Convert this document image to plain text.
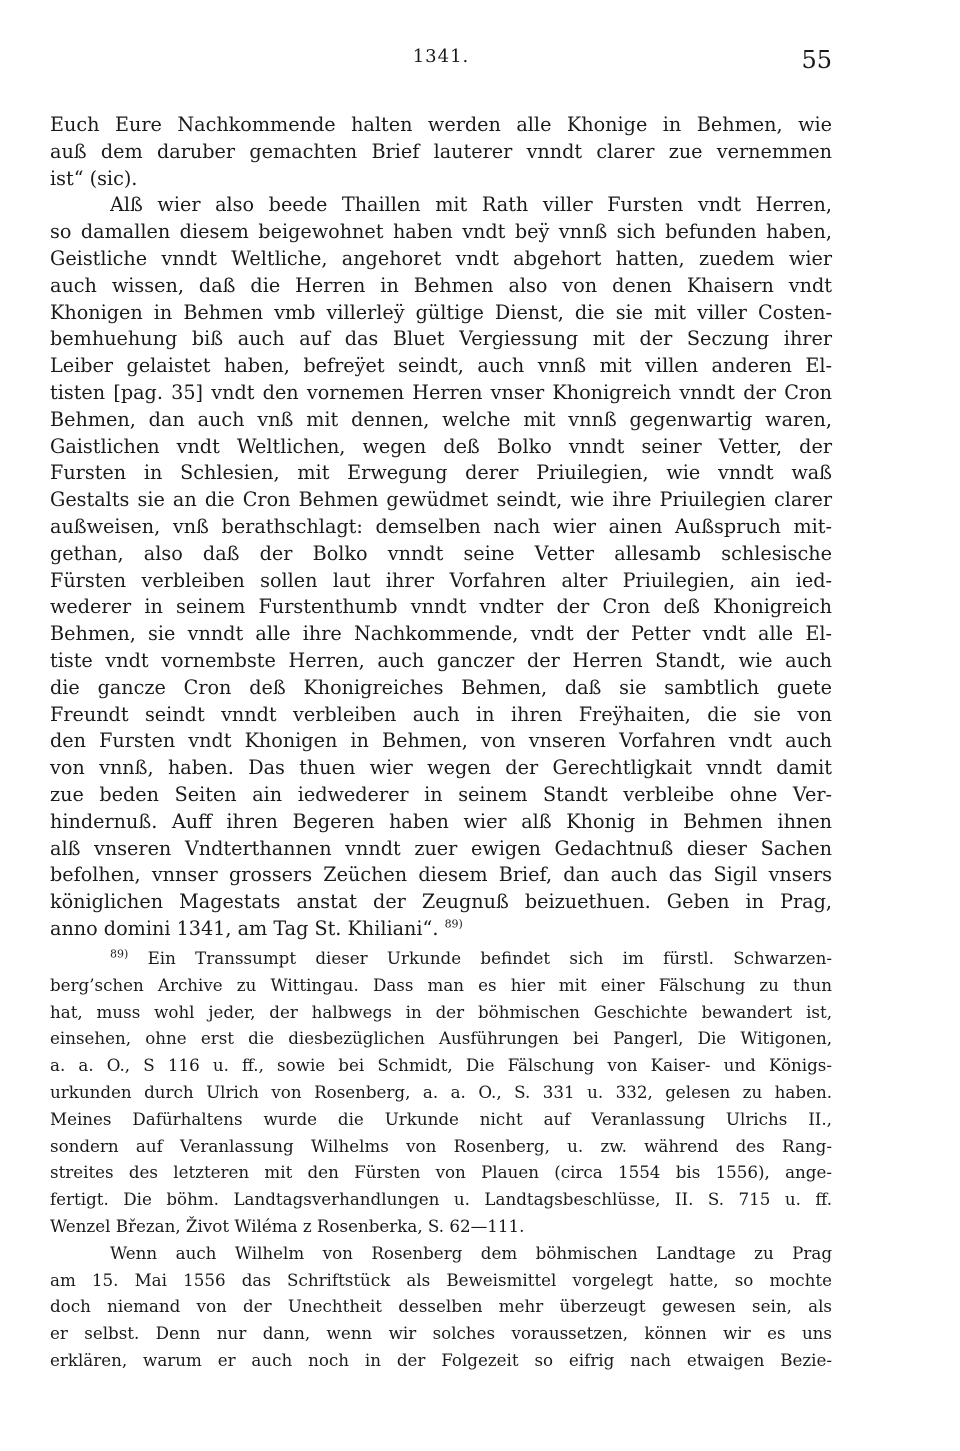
1341.	55
Euch Eure Nachkommende halten werden alle Khonige in Behmen, wie
auß dem daruber gemachten Brief lauterer vnndt clarer zue vernemmen
ist“ (sic).
Alß wier also beede Thaillen mit Rath viller Fursten vndt Herren,
so damallen diesem beigewohnet haben vndt beÿ vnnß sich befunden haben,
Geistliche vnndt Weltliche, angehoret vndt abgehort hatten, zuedem wier
auch wissen, daß die Herren in Behmen also von denen Khaisern vndt
Khonigen in Behmen vmb villerleÿ gültige Dienst, die sie mit viller Costen-
bemhuehung biß auch auf das Bluet Vergiessung mit der Seczung ihrer
Leiber gelaistet haben, befreÿet seindt, auch vnnß mit villen anderen El-
tisten [pag. 35] vndt den vornemen Herren vnser Khonigreich vnndt der Cron
Behmen, dan auch vnß mit dennen, welche mit vnnß gegenwartig waren,
Gaistlichen vndt Weltlichen, wegen deß Bolko vnndt seiner Vetter, der
Fursten in Schlesien, mit Erwegung derer Priuilegien, wie vnndt waß
Gestalts sie an die Cron Behmen gewüdmet seindt, wie ihre Priuilegien clarer
außweisen, vnß berathschlagt: demselben nach wier ainen Außspruch mit-
gethan, also daß der Bolko vnndt seine Vetter allesamb schlesische
Fürsten verbleiben sollen laut ihrer Vorfahren alter Priuilegien, ain ied-
wederer in seinem Furstenthumb vnndt vndter der Cron deß Khonigreich
Behmen, sie vnndt alle ihre Nachkommende, vndt der Petter vndt alle El-
tiste vndt vornembste Herren, auch ganczer der Herren Standt, wie auch
die gancze Cron deß Khonigreiches Behmen, daß sie sambtlich guete
Freundt seindt vnndt verbleiben auch in ihren Freÿhaiten, die sie von
den Fursten vndt Khonigen in Behmen, von vnseren Vorfahren vndt auch
von vnnß, haben. Das thuen wier wegen der Gerechtligkait vnndt damit
zue beden Seiten ain iedwederer in seinem Standt verbleibe ohne Ver-
hindernuß. Auff ihren Begeren haben wier alß Khonig in Behmen ihnen
alß vnseren Vndterthannen vnndt zuer ewigen Gedachtnuß dieser Sachen
befolhen, vnnser grossers Zeüchen diesem Brief, dan auch das Sigil vnsers
königlichen Magestats anstat der Zeugnuß beizuethuen. Geben in Prag,
anno domini 1341, am Tag St. Khiliani“. $^{89)}$
$^{89)}$ Ein Transsumpt dieser Urkunde befindet sich im fürstl. Schwarzen-
berg’schen Archive zu Wittingau. Dass man es hier mit einer Fälschung zu thun
hat, muss wohl jeder, der halbwegs in der böhmischen Geschichte bewandert ist,
einsehen, ohne erst die diesbezüglichen Ausführungen bei Pangerl, Die Witigonen,
a. a. O., S 116 u. ff., sowie bei Schmidt, Die Fälschung von Kaiser- und Königs-
urkunden durch Ulrich von Rosenberg, a. a. O., S. 331 u. 332, gelesen zu haben.
Meines Dafürhaltens wurde die Urkunde nicht auf Veranlassung Ulrichs II.,
sondern auf Veranlassung Wilhelms von Rosenberg, u. zw. während des Rang-
streites des letzteren mit den Fürsten von Plauen (circa 1554 bis 1556), ange-
fertigt. Die böhm. Landtagsverhandlungen u. Landtagsbeschlüsse, II. S. 715 u. ff.
Wenzel Březan, Život Wiléma z Rosenberka, S. 62—111.
Wenn auch Wilhelm von Rosenberg dem böhmischen Landtage zu Prag
am 15. Mai 1556 das Schriftstück als Beweismittel vorgelegt hatte, so mochte
doch niemand von der Unechtheit desselben mehr überzeugt gewesen sein, als
er selbst. Denn nur dann, wenn wir solches voraussetzen, können wir es uns
erklären, warum er auch noch in der Folgezeit so eifrig nach etwaigen Bezie-
